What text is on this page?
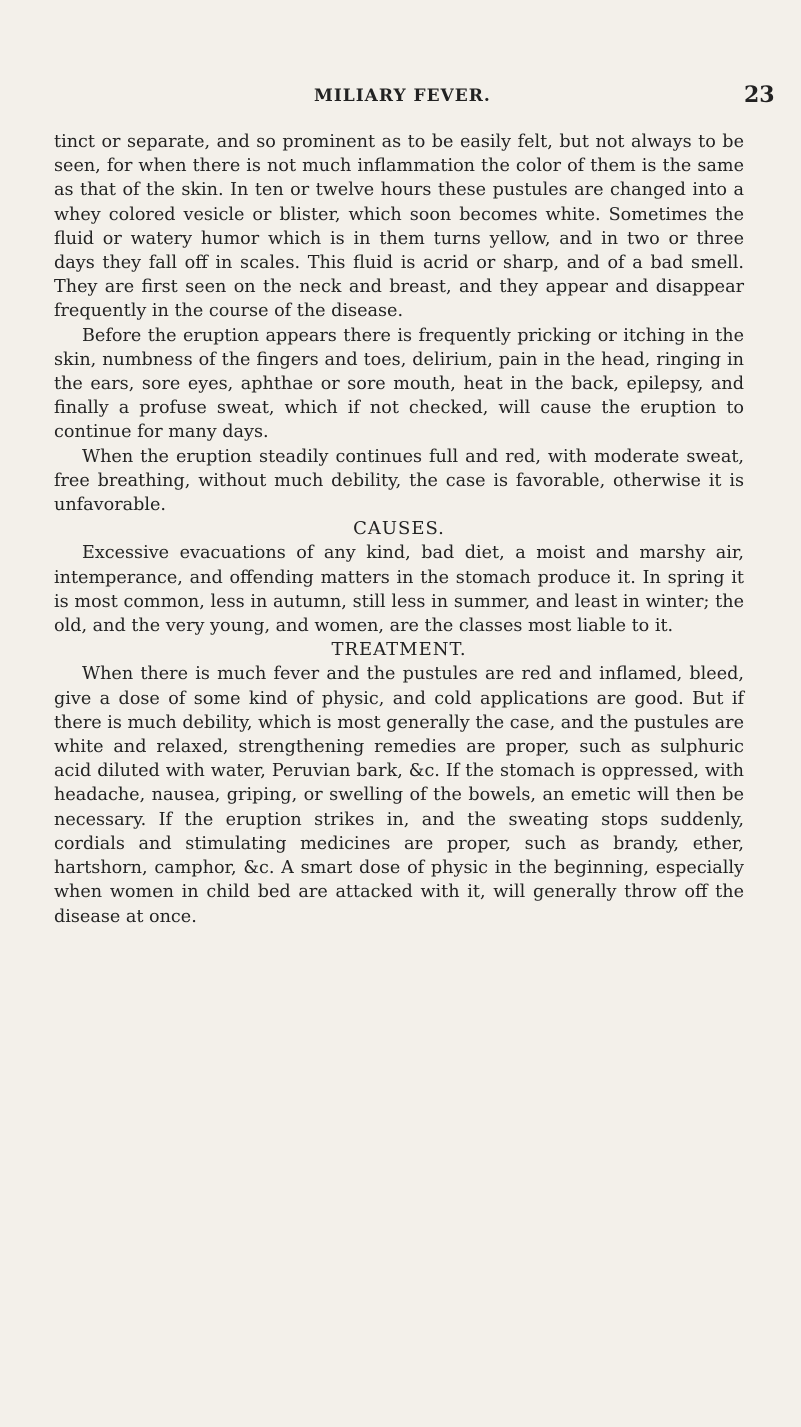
MILIARY FEVER.	23

tinct or separate, and so prominent as to be easily felt, but not always to be seen, for when there is not much inflammation the color of them is the same as that of the skin. In ten or twelve hours these pustules are changed into a whey colored vesicle or blister, which soon becomes white. Sometimes the fluid or watery humor which is in them turns yellow, and in two or three days they fall off in scales. This fluid is acrid or sharp, and of a bad smell. They are first seen on the neck and breast, and they appear and disappear frequently in the course of the disease.

Before the eruption appears there is frequently pricking or itching in the skin, numbness of the fingers and toes, delirium, pain in the head, ringing in the ears, sore eyes, aphthae or sore mouth, heat in the back, epilepsy, and finally a profuse sweat, which if not checked, will cause the eruption to continue for many days.

When the eruption steadily continues full and red, with moderate sweat, free breathing, without much debility, the case is favorable, otherwise it is unfavorable.

CAUSES.

Excessive evacuations of any kind, bad diet, a moist and marshy air, intemperance, and offending matters in the stomach produce it. In spring it is most common, less in autumn, still less in summer, and least in winter; the old, and the very young, and women, are the classes most liable to it.

TREATMENT.

When there is much fever and the pustules are red and inflamed, bleed, give a dose of some kind of physic, and cold applications are good. But if there is much debility, which is most generally the case, and the pustules are white and relaxed, strengthening remedies are proper, such as sulphuric acid diluted with water, Peruvian bark, &c. If the stomach is oppressed, with headache, nausea, griping, or swelling of the bowels, an emetic will then be necessary. If the eruption strikes in, and the sweating stops suddenly, cordials and stimulating medicines are proper, such as brandy, ether, hartshorn, camphor, &c. A smart dose of physic in the beginning, especially when women in child bed are attacked with it, will generally throw off the disease at once.
